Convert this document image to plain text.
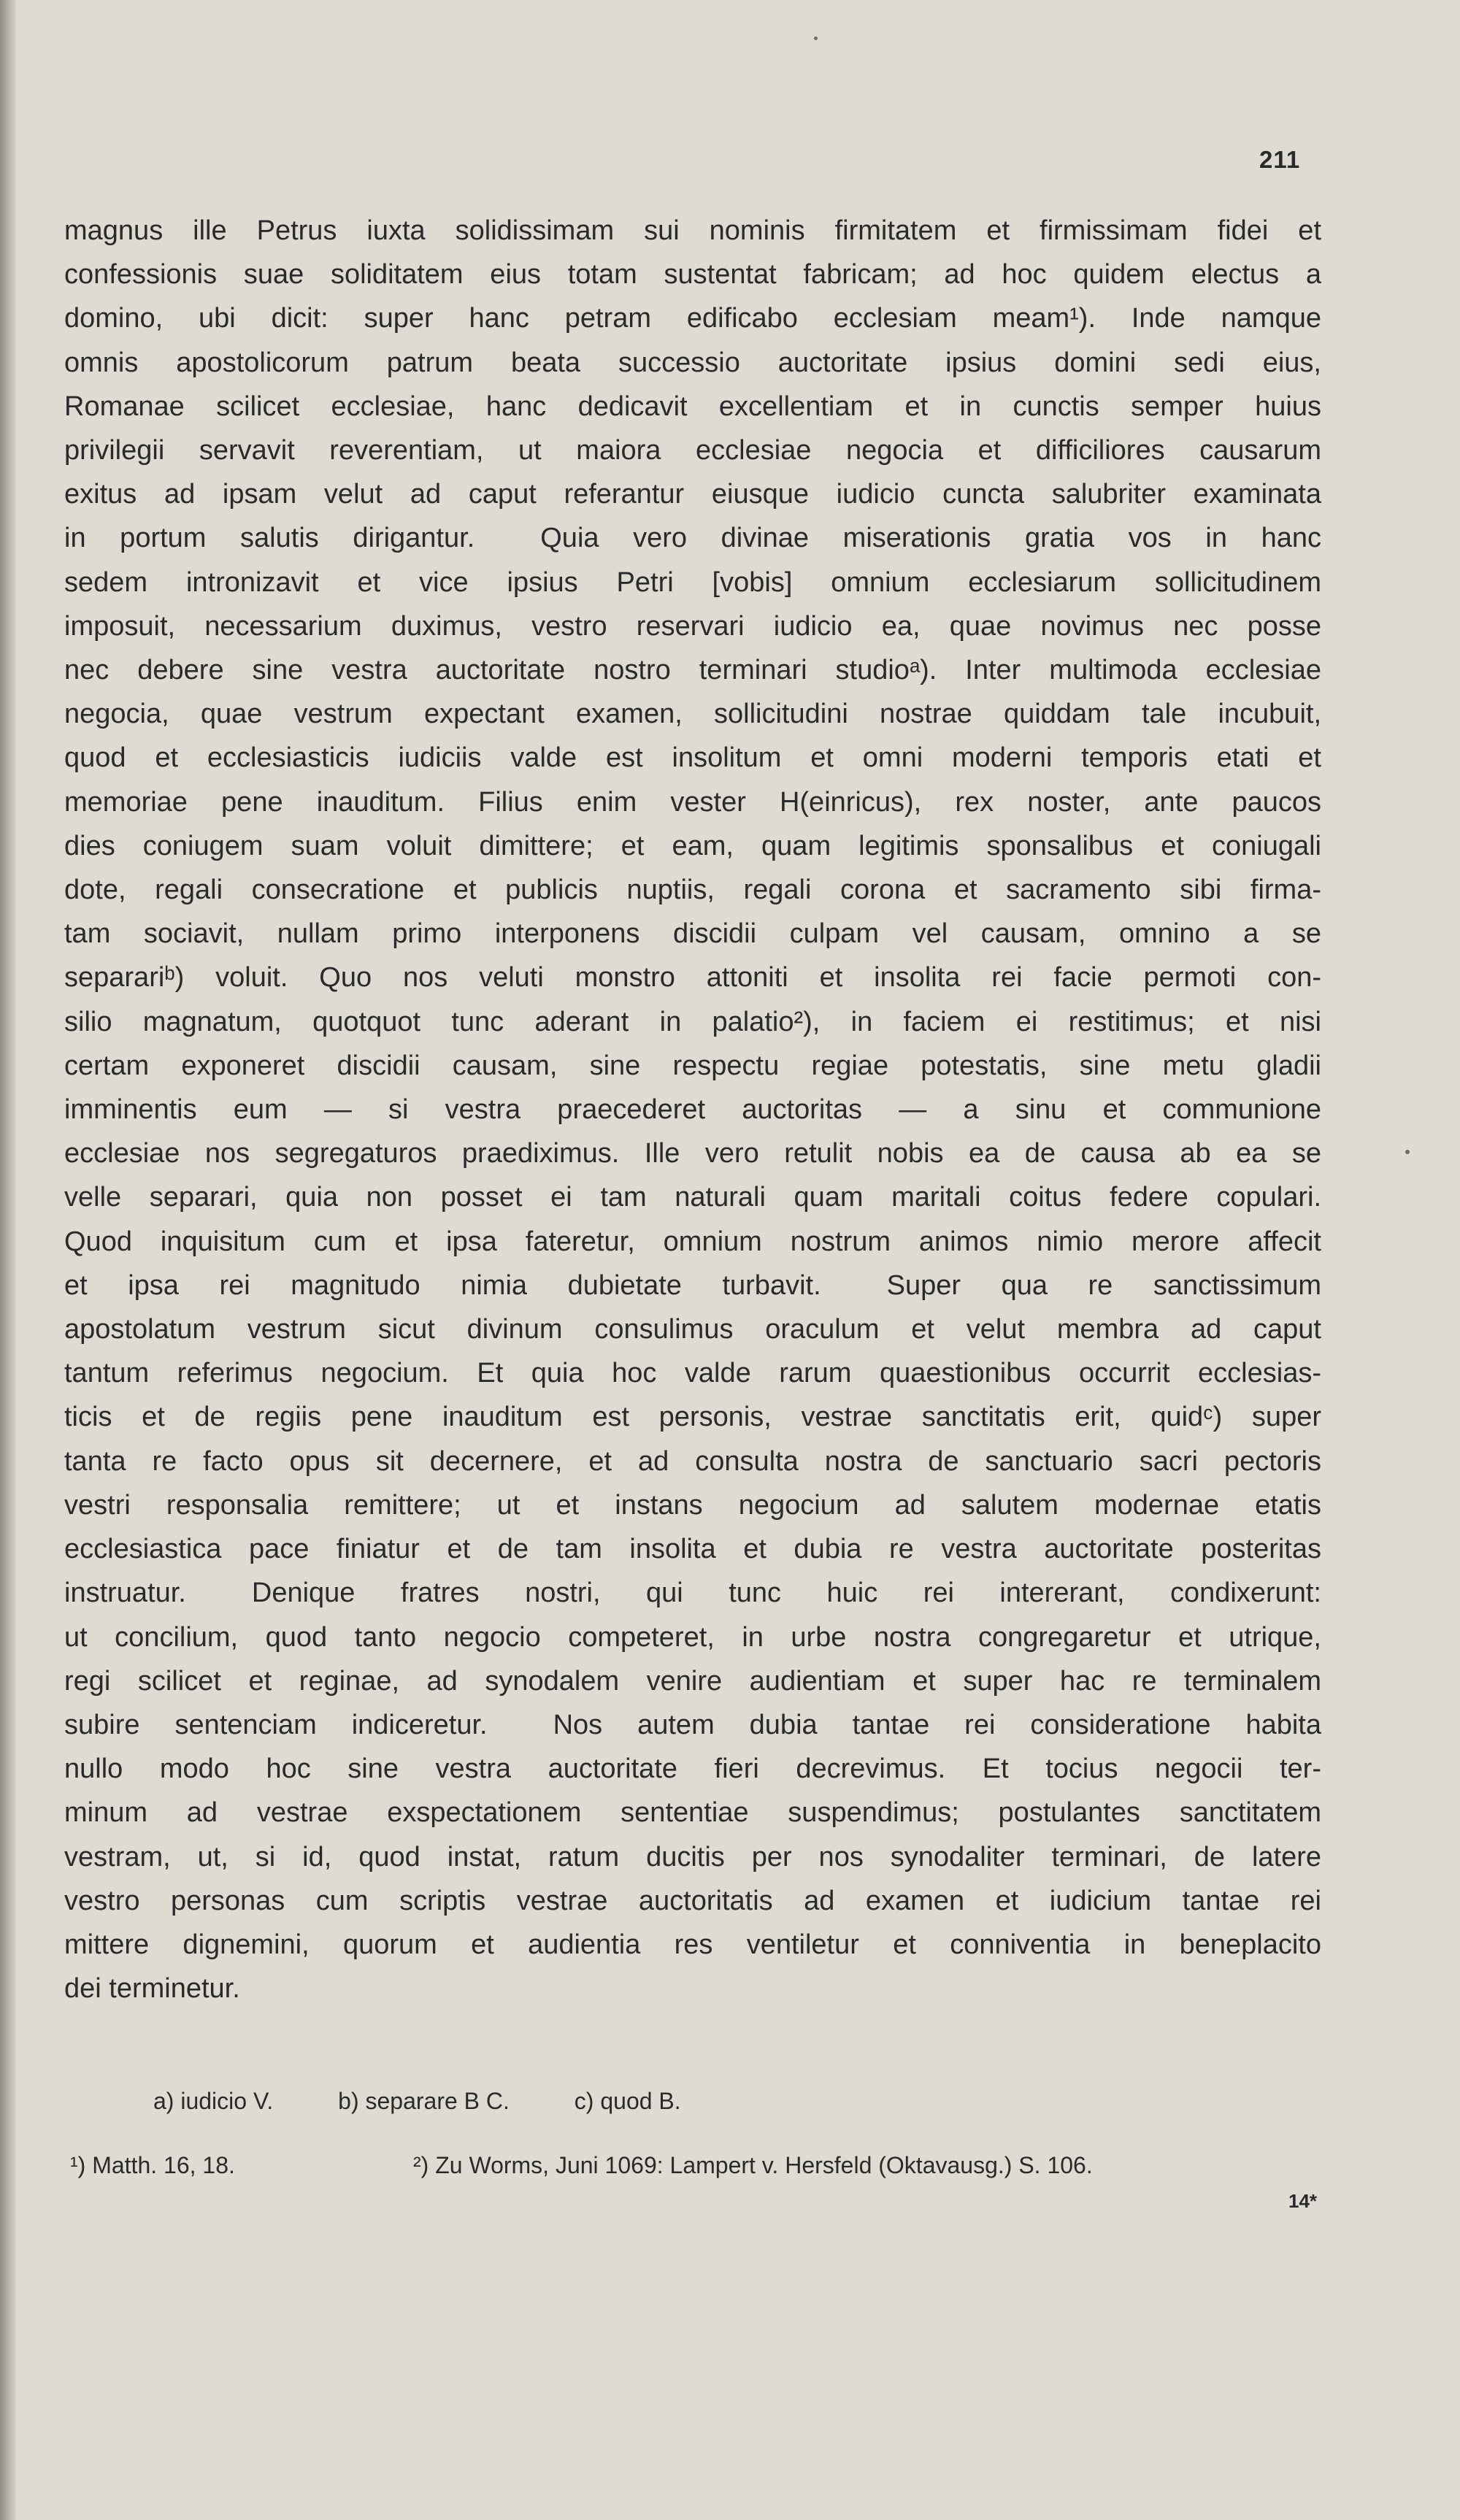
211
magnus ille Petrus iuxta solidissimam sui nominis firmitatem et firmissimam fidei et
confessionis suae soliditatem eius totam sustentat fabricam; ad hoc quidem electus a
domino, ubi dicit: super hanc petram edificabo ecclesiam meam¹). Inde namque
omnis apostolicorum patrum beata successio auctoritate ipsius domini sedi eius,
Romanae scilicet ecclesiae, hanc dedicavit excellentiam et in cunctis semper huius
privilegii servavit reverentiam, ut maiora ecclesiae negocia et difficiliores causarum
exitus ad ipsam velut ad caput referantur eiusque iudicio cuncta salubriter examinata
in portum salutis dirigantur. Quia vero divinae miserationis gratia vos in hanc
sedem intronizavit et vice ipsius Petri [vobis] omnium ecclesiarum sollicitudinem
imposuit, necessarium duximus, vestro reservari iudicio ea, quae novimus nec posse
nec debere sine vestra auctoritate nostro terminari studioᵃ). Inter multimoda ecclesiae
negocia, quae vestrum expectant examen, sollicitudini nostrae quiddam tale incubuit,
quod et ecclesiasticis iudiciis valde est insolitum et omni moderni temporis etati et
memoriae pene inauditum. Filius enim vester H(einricus), rex noster, ante paucos
dies coniugem suam voluit dimittere; et eam, quam legitimis sponsalibus et coniugali
dote, regali consecratione et publicis nuptiis, regali corona et sacramento sibi firma-
tam sociavit, nullam primo interponens discidii culpam vel causam, omnino a se
separariᵇ) voluit. Quo nos veluti monstro attoniti et insolita rei facie permoti con-
silio magnatum, quotquot tunc aderant in palatio²), in faciem ei restitimus; et nisi
certam exponeret discidii causam, sine respectu regiae potestatis, sine metu gladii
imminentis eum — si vestra praecederet auctoritas — a sinu et communione
ecclesiae nos segregaturos praediximus. Ille vero retulit nobis ea de causa ab ea se
velle separari, quia non posset ei tam naturali quam maritali coitus federe copulari.
Quod inquisitum cum et ipsa fateretur, omnium nostrum animos nimio merore affecit
et ipsa rei magnitudo nimia dubietate turbavit. Super qua re sanctissimum
apostolatum vestrum sicut divinum consulimus oraculum et velut membra ad caput
tantum referimus negocium. Et quia hoc valde rarum quaestionibus occurrit ecclesias-
ticis et de regiis pene inauditum est personis, vestrae sanctitatis erit, quidᶜ) super
tanta re facto opus sit decernere, et ad consulta nostra de sanctuario sacri pectoris
vestri responsalia remittere; ut et instans negocium ad salutem modernae etatis
ecclesiastica pace finiatur et de tam insolita et dubia re vestra auctoritate posteritas
instruatur. Denique fratres nostri, qui tunc huic rei intererant, condixerunt:
ut concilium, quod tanto negocio competeret, in urbe nostra congregaretur et utrique,
regi scilicet et reginae, ad synodalem venire audientiam et super hac re terminalem
subire sentenciam indiceretur. Nos autem dubia tantae rei consideratione habita
nullo modo hoc sine vestra auctoritate fieri decrevimus. Et tocius negocii ter-
minum ad vestrae exspectationem sententiae suspendimus; postulantes sanctitatem
vestram, ut, si id, quod instat, ratum ducitis per nos synodaliter terminari, de latere
vestro personas cum scriptis vestrae auctoritatis ad examen et iudicium tantae rei
mittere dignemini, quorum et audientia res ventiletur et conniventia in beneplacito
dei terminetur.
a) iudicio V.	b) separare B C.	c) quod B.
¹) Matth. 16, 18.	²) Zu Worms, Juni 1069: Lampert v. Hersfeld (Oktavausg.) S. 106.
14*
